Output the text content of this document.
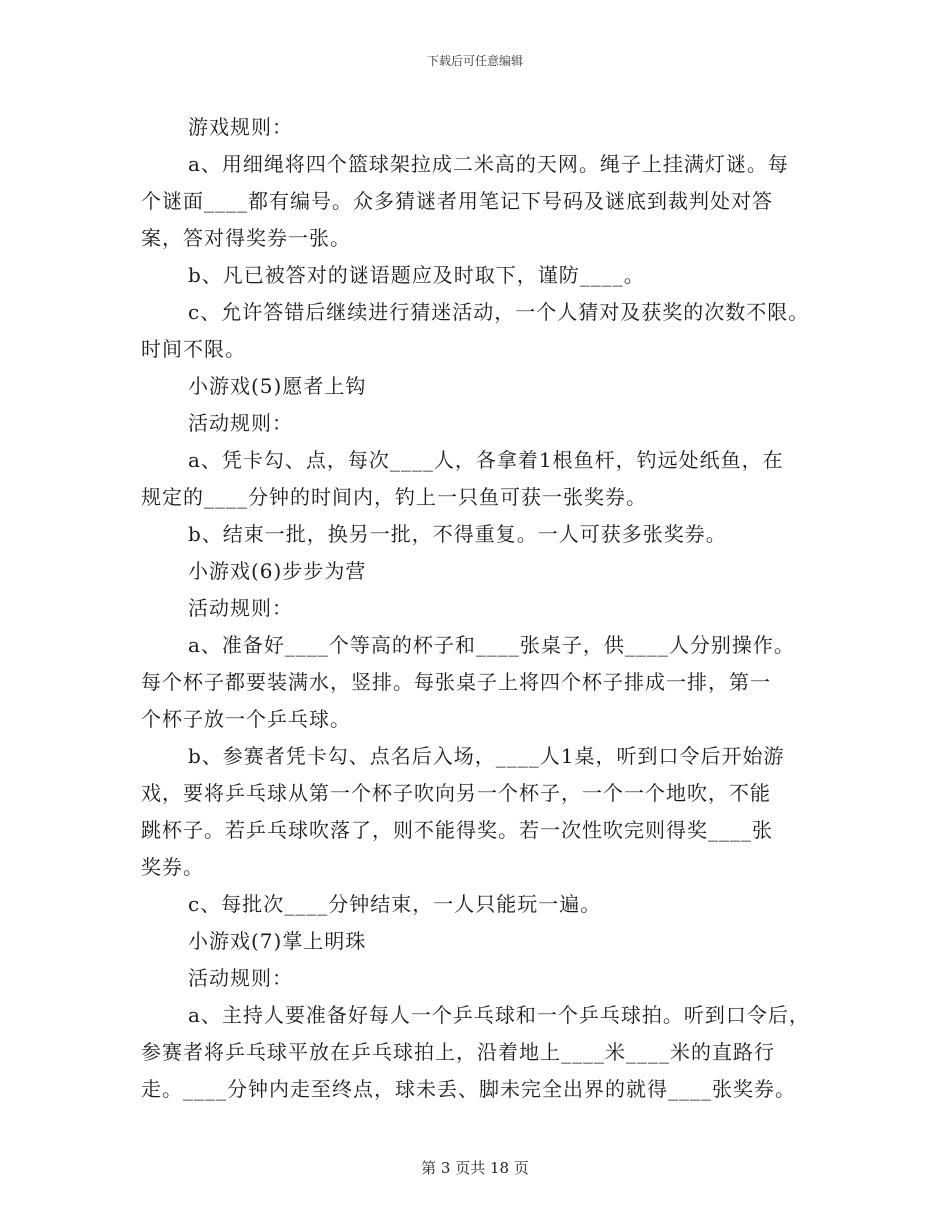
下载后可任意编辑
游戏规则：
a、用细绳将四个篮球架拉成二米高的天网。绳子上挂满灯谜。每
个谜面____都有编号。众多猜谜者用笔记下号码及谜底到裁判处对答
案，答对得奖券一张。
b、凡已被答对的谜语题应及时取下，谨防____。
c、允许答错后继续进行猜迷活动，一个人猜对及获奖的次数不限。
时间不限。
小游戏(5)愿者上钩
活动规则：
a、凭卡勾、点，每次____人，各拿着1根鱼杆，钓远处纸鱼，在
规定的____分钟的时间内，钓上一只鱼可获一张奖券。
b、结束一批，换另一批，不得重复。一人可获多张奖券。
小游戏(6)步步为营
活动规则：
a、准备好____个等高的杯子和____张桌子，供____人分别操作。
每个杯子都要装满水，竖排。每张桌子上将四个杯子排成一排，第一
个杯子放一个乒乓球。
b、参赛者凭卡勾、点名后入场，____人1桌，听到口令后开始游
戏，要将乒乓球从第一个杯子吹向另一个杯子，一个一个地吹，不能
跳杯子。若乒乓球吹落了，则不能得奖。若一次性吹完则得奖____张
奖券。
c、每批次____分钟结束，一人只能玩一遍。
小游戏(7)掌上明珠
活动规则：
a、主持人要准备好每人一个乒乓球和一个乒乓球拍。听到口令后，
参赛者将乒乓球平放在乒乓球拍上，沿着地上____米____米的直路行
走。____分钟内走至终点，球未丢、脚未完全出界的就得____张奖券。
第 3 页共 18 页
